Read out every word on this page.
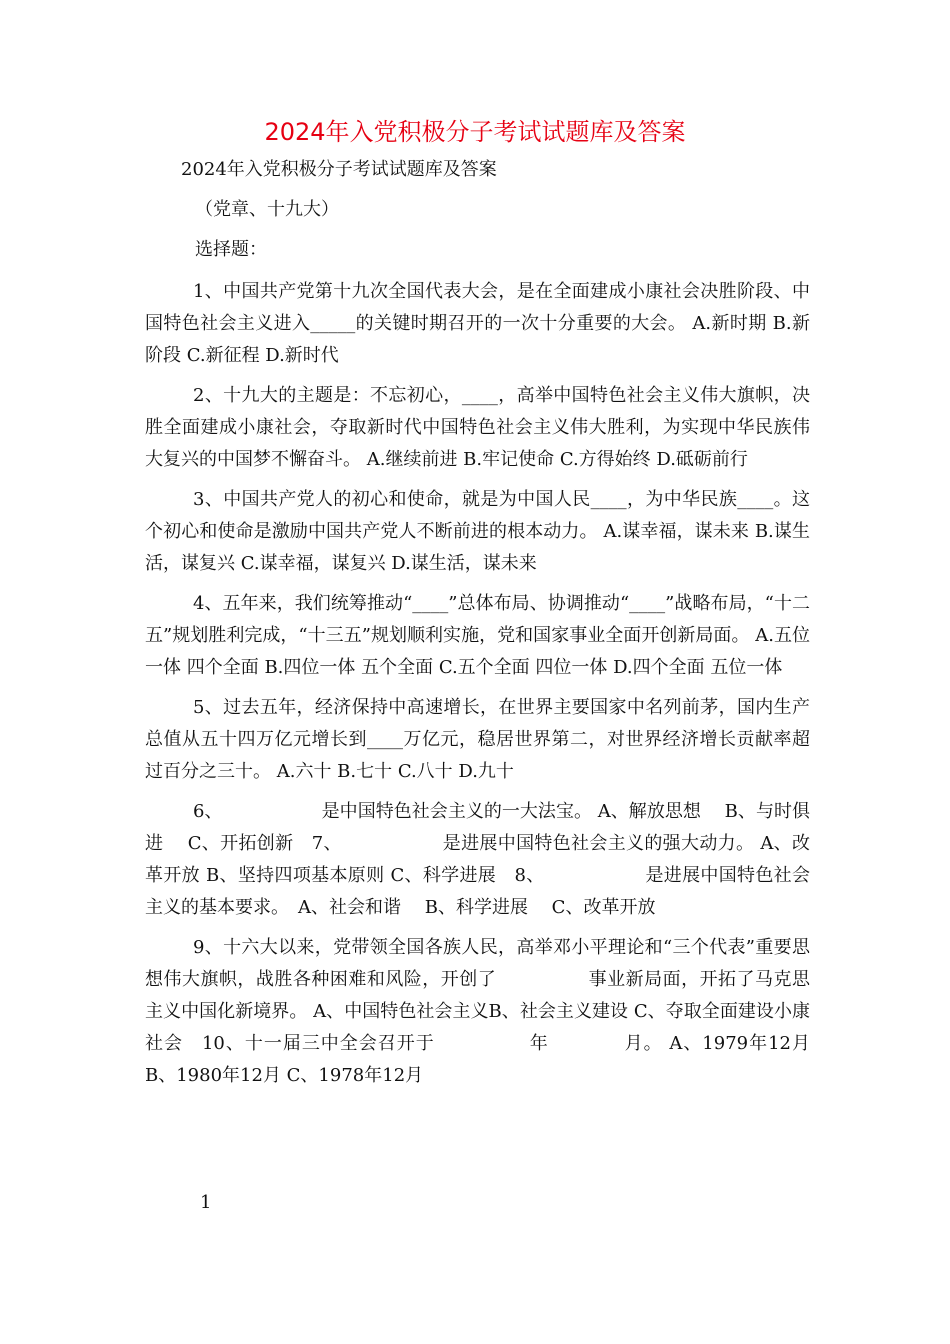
2024年入党积极分子考试试题库及答案

2024年入党积极分子考试试题库及答案

（党章、十九大）

选择题：

1、中国共产党第十九次全国代表大会，是在全面建成小康社会决胜阶段、中国特色社会主义进入_____的关键时期召开的一次十分重要的大会。 A.新时期 B.新阶段 C.新征程 D.新时代

2、十九大的主题是：不忘初心，____，高举中国特色社会主义伟大旗帜，决胜全面建成小康社会，夺取新时代中国特色社会主义伟大胜利，为实现中华民族伟大复兴的中国梦不懈奋斗。 A.继续前进 B.牢记使命 C.方得始终 D.砥砺前行

3、中国共产党人的初心和使命，就是为中国人民____，为中华民族____。这个初心和使命是激励中国共产党人不断前进的根本动力。 A.谋幸福，谋未来 B.谋生活，谋复兴 C.谋幸福，谋复兴 D.谋生活，谋未来

4、五年来，我们统筹推动“____”总体布局、协调推动“____”战略布局，“十二五”规划胜利完成，“十三五”规划顺利实施，党和国家事业全面开创新局面。 A.五位一体 四个全面 B.四位一体 五个全面 C.五个全面 四位一体 D.四个全面 五位一体

5、过去五年，经济保持中高速增长，在世界主要国家中名列前茅，国内生产总值从五十四万亿元增长到____万亿元，稳居世界第二，对世界经济增长贡献率超过百分之三十。 A.六十 B.七十 C.八十 D.九十

6、　　　　　　是中国特色社会主义的一大法宝。 A、解放思想　 B、与时俱进　 C、开拓创新　7、　　　　　　是进展中国特色社会主义的强大动力。 A、改革开放 B、坚持四项基本原则 C、科学进展　8、　　　　　　是进展中国特色社会主义的基本要求。　A、社会和谐　 B、科学进展　 C、改革开放

9、十六大以来，党带领全国各族人民，高举邓小平理论和“三个代表”重要思想伟大旗帜，战胜各种困难和风险，开创了　　　　　事业新局面，开拓了马克思主义中国化新境界。 A、中国特色社会主义B、社会主义建设 C、夺取全面建设小康社会　10、十一届三中全会召开于　　　　　年　　　　月。 A、1979年12月 B、1980年12月 C、1978年12月

1
